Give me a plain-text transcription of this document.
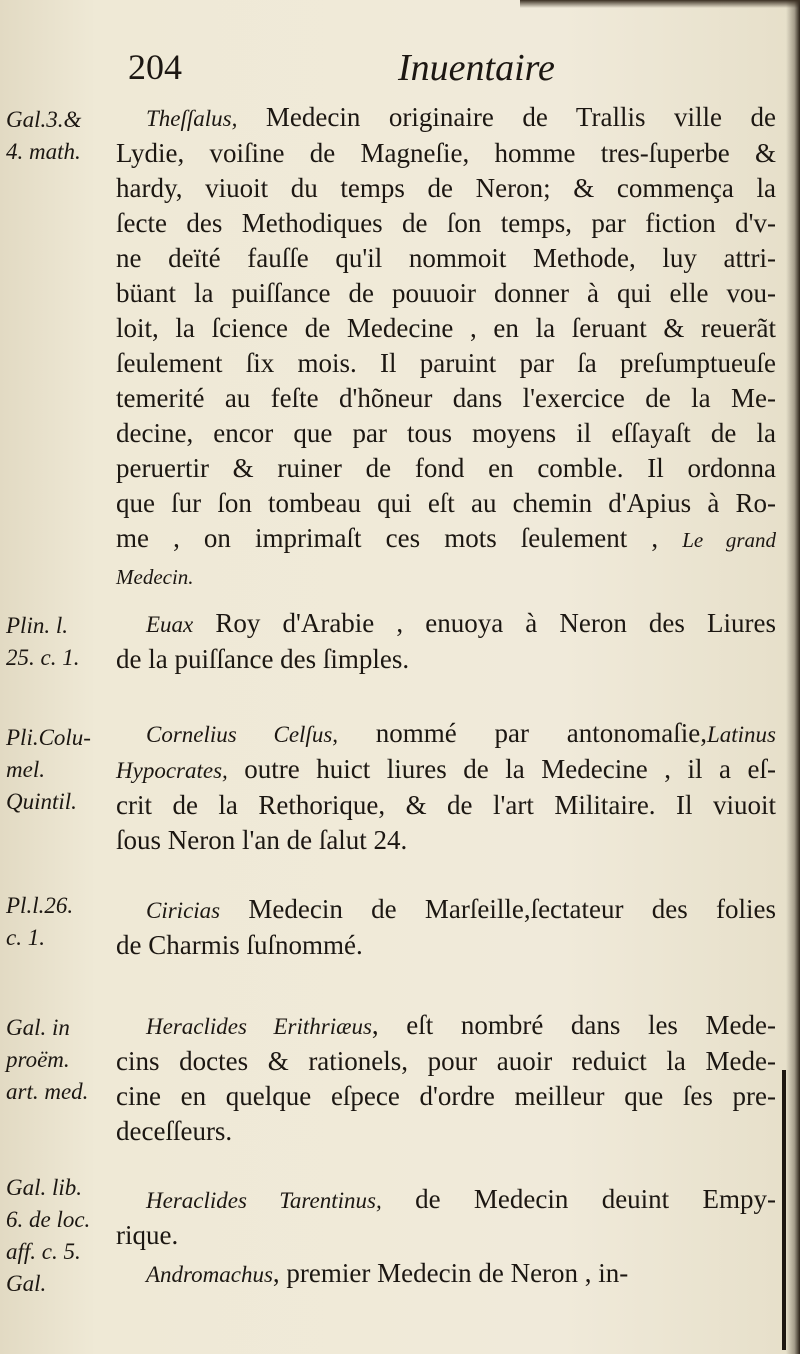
204	Inuentaire
Gal.3.&
4. math.
Theſſalus, Medecin originaire de Trallis ville de
Lydie, voiſine de Magneſie, homme tres-ſuperbe &
hardy, viuoit du temps de Neron; & commença la
ſecte des Methodiques de ſon temps, par fiction d'v-
ne deïté fauſſe qu'il nommoit Methode, luy attri-
büant la puiſſance de pouuoir donner à qui elle vou-
loit, la ſcience de Medecine , en la ſeruant & reuerãt
ſeulement ſix mois. Il paruint par ſa preſumptueuſe
temerité au feſte d'hõneur dans l'exercice de la Me-
decine, encor que par tous moyens il eſſayaſt de la
peruertir & ruiner de fond en comble. Il ordonna
que ſur ſon tombeau qui eſt au chemin d'Apius à Ro-
me , on imprimaſt ces mots ſeulement , Le grand
Medecin.
Plin. l.
25. c. 1.
Euax Roy d'Arabie , enuoya à Neron des Liures
de la puiſſance des ſimples.
Pli.Colu-
mel.
Quintil.
Cornelius Celſus, nommé par antonomaſie,Latinus
Hypocrates, outre huict liures de la Medecine , il a eſ-
crit de la Rethorique, & de l'art Militaire. Il viuoit
ſous Neron l'an de ſalut 24.
Pl.l.26.
c. 1.
Ciricias Medecin de Marſeille,ſectateur des folies
de Charmis ſuſnommé.
Gal. in
proëm.
art. med.
Heraclides Erithriæus, eſt nombré dans les Mede-
cins doctes & rationels, pour auoir reduict la Mede-
cine en quelque eſpece d'ordre meilleur que ſes pre-
deceſſeurs.
Gal. lib.
6. de loc.
aff. c. 5.
Gal.
Heraclides Tarentinus, de Medecin deuint Empy-
rique.
Andromachus, premier Medecin de Neron , in-
